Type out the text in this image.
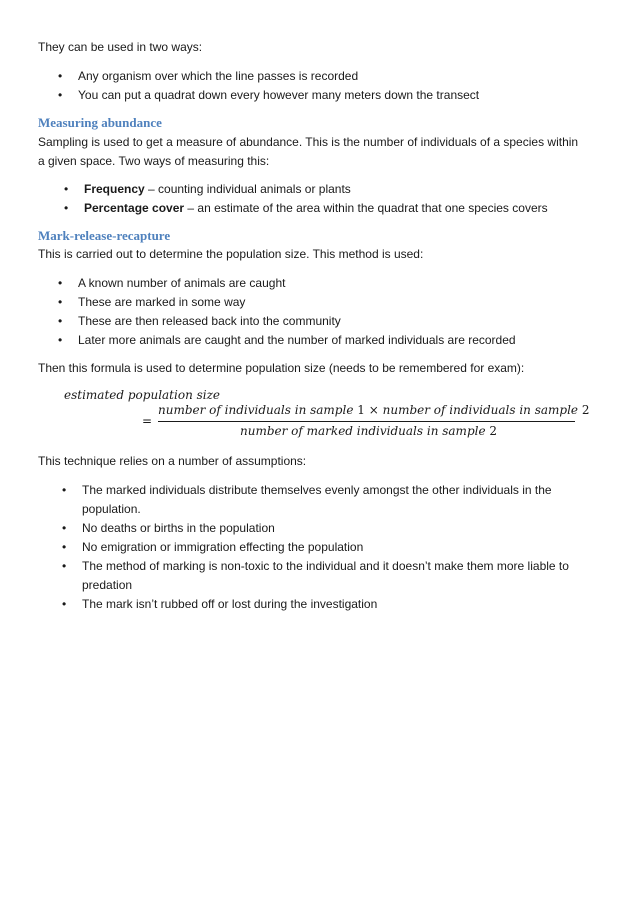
They can be used in two ways:

• Any organism over which the line passes is recorded
• You can put a quadrat down every however many meters down the transect
Measuring abundance

Sampling is used to get a measure of abundance. This is the number of individuals of a species within a given space. Two ways of measuring this:

• Frequency – counting individual animals or plants
• Percentage cover – an estimate of the area within the quadrat that one species covers
Mark-release-recapture

This is carried out to determine the population size. This method is used:

• A known number of animals are caught
• These are marked in some way
• These are then released back into the community
• Later more animals are caught and the number of marked individuals are recorded

Then this formula is used to determine population size (needs to be remembered for exam):

estimated population size
=
number of individuals in sample 1 × number of individuals in sample 2
number of marked individuals in sample 2

This technique relies on a number of assumptions:

• The marked individuals distribute themselves evenly amongst the other individuals in the population.
• No deaths or births in the population
• No emigration or immigration effecting the population
• The method of marking is non-toxic to the individual and it doesn’t make them more liable to predation
• The mark isn’t rubbed off or lost during the investigation
